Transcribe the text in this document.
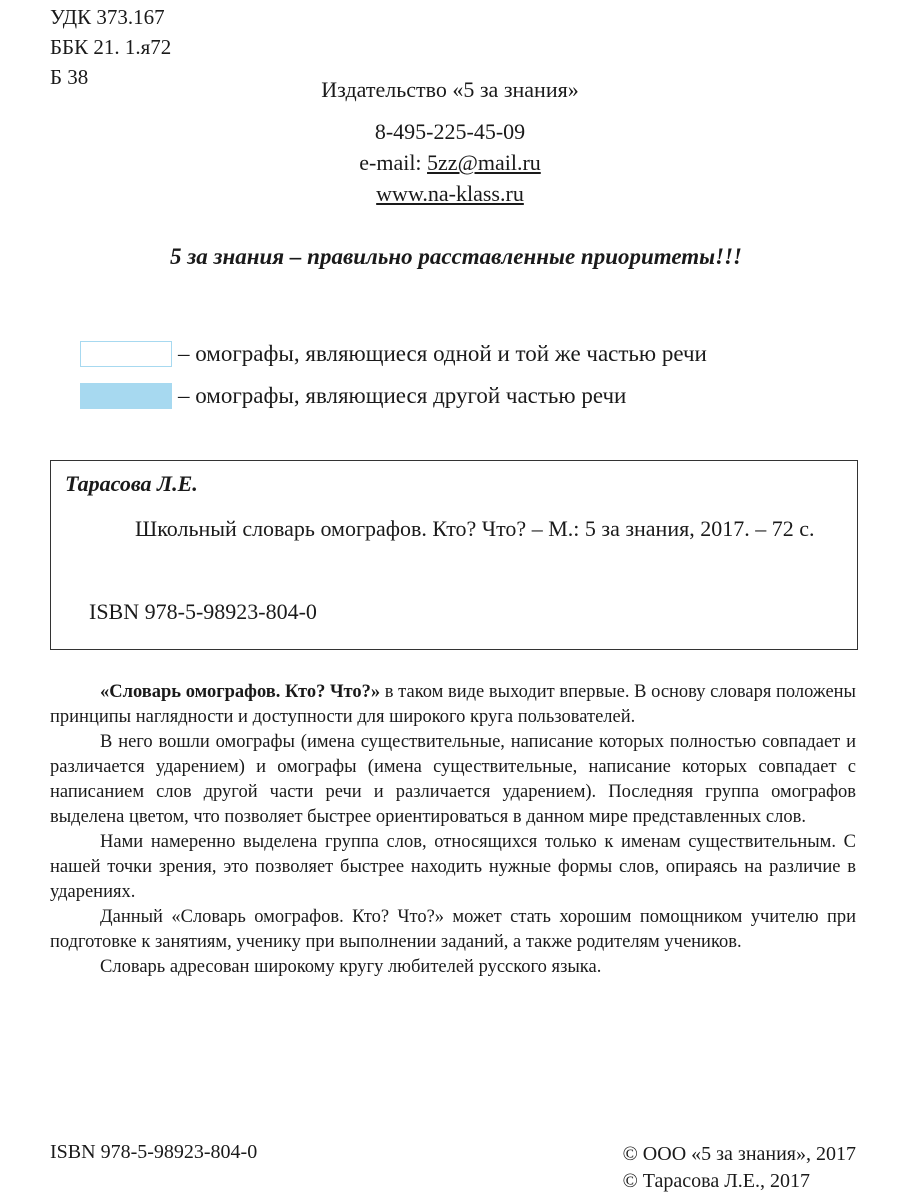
УДК 373.167
ББК 21. 1.я72
Б 38	Издательство «5 за знания»
8-495-225-45-09
e-mail: 5zz@mail.ru
www.na-klass.ru
5 за знания – правильно расставленные приоритеты!!!
– омографы, являющиеся одной и той же частью речи
– омографы, являющиеся другой частью речи
Тарасова Л.Е.
Школьный словарь омографов. Кто? Что? – М.: 5 за знания, 2017. – 72 с.
ISBN 978-5-98923-804-0

«Словарь омографов. Кто? Что?» в таком виде выходит впервые. В основу словаря положены принципы наглядности и доступности для широкого круга пользователей.

В него вошли омографы (имена существительные, написание которых полностью совпадает и различается ударением) и омографы (имена существительные, написание которых совпадает с написанием слов другой части речи и различается ударением). Последняя группа омографов выделена цветом, что позволяет быстрее ориентироваться в данном мире представленных слов.

Нами намеренно выделена группа слов, относящихся только к именам существительным. С нашей точки зрения, это позволяет быстрее находить нужные формы слов, опираясь на различие в ударениях.

Данный «Словарь омографов. Кто? Что?» может стать хорошим помощником учителю при подготовке к занятиям, ученику при выполнении заданий, а также родителям учеников.

Словарь адресован широкому кругу любителей русского языка.

ISBN 978-5-98923-804-0	© ООО «5 за знания», 2017
© Тарасова Л.Е., 2017
